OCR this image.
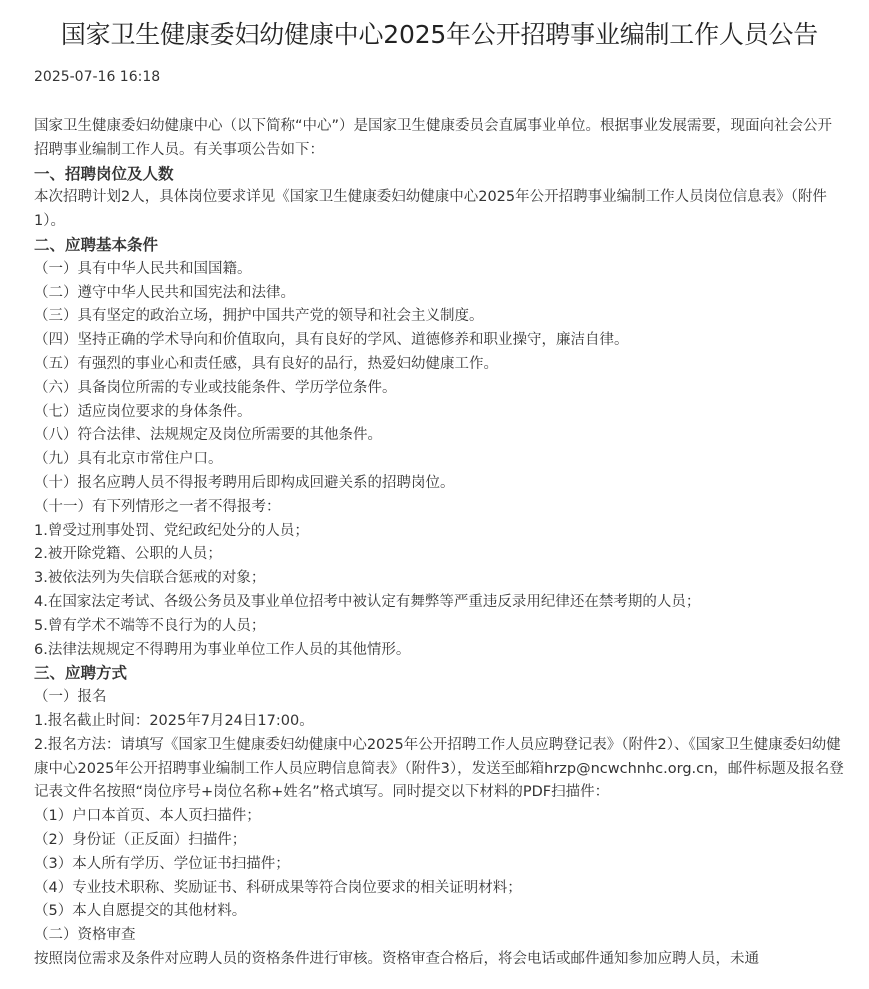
国家卫生健康委妇幼健康中心2025年公开招聘事业编制工作人员公告
2025-07-16 16:18

国家卫生健康委妇幼健康中心（以下简称“中心”）是国家卫生健康委员会直属事业单位。根据事业发展需要，现面向社会公开招聘事业编制工作人员。有关事项公告如下：

一、招聘岗位及人数

本次招聘计划2人，具体岗位要求详见《国家卫生健康委妇幼健康中心2025年公开招聘事业编制工作人员岗位信息表》（附件1）。

二、应聘基本条件

（一）具有中华人民共和国国籍。

（二）遵守中华人民共和国宪法和法律。

（三）具有坚定的政治立场，拥护中国共产党的领导和社会主义制度。

（四）坚持正确的学术导向和价值取向，具有良好的学风、道德修养和职业操守，廉洁自律。

（五）有强烈的事业心和责任感，具有良好的品行，热爱妇幼健康工作。

（六）具备岗位所需的专业或技能条件、学历学位条件。

（七）适应岗位要求的身体条件。

（八）符合法律、法规规定及岗位所需要的其他条件。

（九）具有北京市常住户口。

（十）报名应聘人员不得报考聘用后即构成回避关系的招聘岗位。

（十一）有下列情形之一者不得报考：

1.曾受过刑事处罚、党纪政纪处分的人员；

2.被开除党籍、公职的人员；

3.被依法列为失信联合惩戒的对象；

4.在国家法定考试、各级公务员及事业单位招考中被认定有舞弊等严重违反录用纪律还在禁考期的人员；

5.曾有学术不端等不良行为的人员；

6.法律法规规定不得聘用为事业单位工作人员的其他情形。

三、应聘方式

（一）报名

1.报名截止时间：2025年7月24日17:00。

2.报名方法：请填写《国家卫生健康委妇幼健康中心2025年公开招聘工作人员应聘登记表》（附件2）、《国家卫生健康委妇幼健康中心2025年公开招聘事业编制工作人员应聘信息简表》（附件3），发送至邮箱hrzp@ncwchnhc.org.cn，邮件标题及报名登记表文件名按照“岗位序号+岗位名称+姓名”格式填写。同时提交以下材料的PDF扫描件：

（1）户口本首页、本人页扫描件；

（2）身份证（正反面）扫描件；

（3）本人所有学历、学位证书扫描件；

（4）专业技术职称、奖励证书、科研成果等符合岗位要求的相关证明材料；

（5）本人自愿提交的其他材料。

（二）资格审查

按照岗位需求及条件对应聘人员的资格条件进行审核。资格审查合格后，将会电话或邮件通知参加应聘人员，未通
